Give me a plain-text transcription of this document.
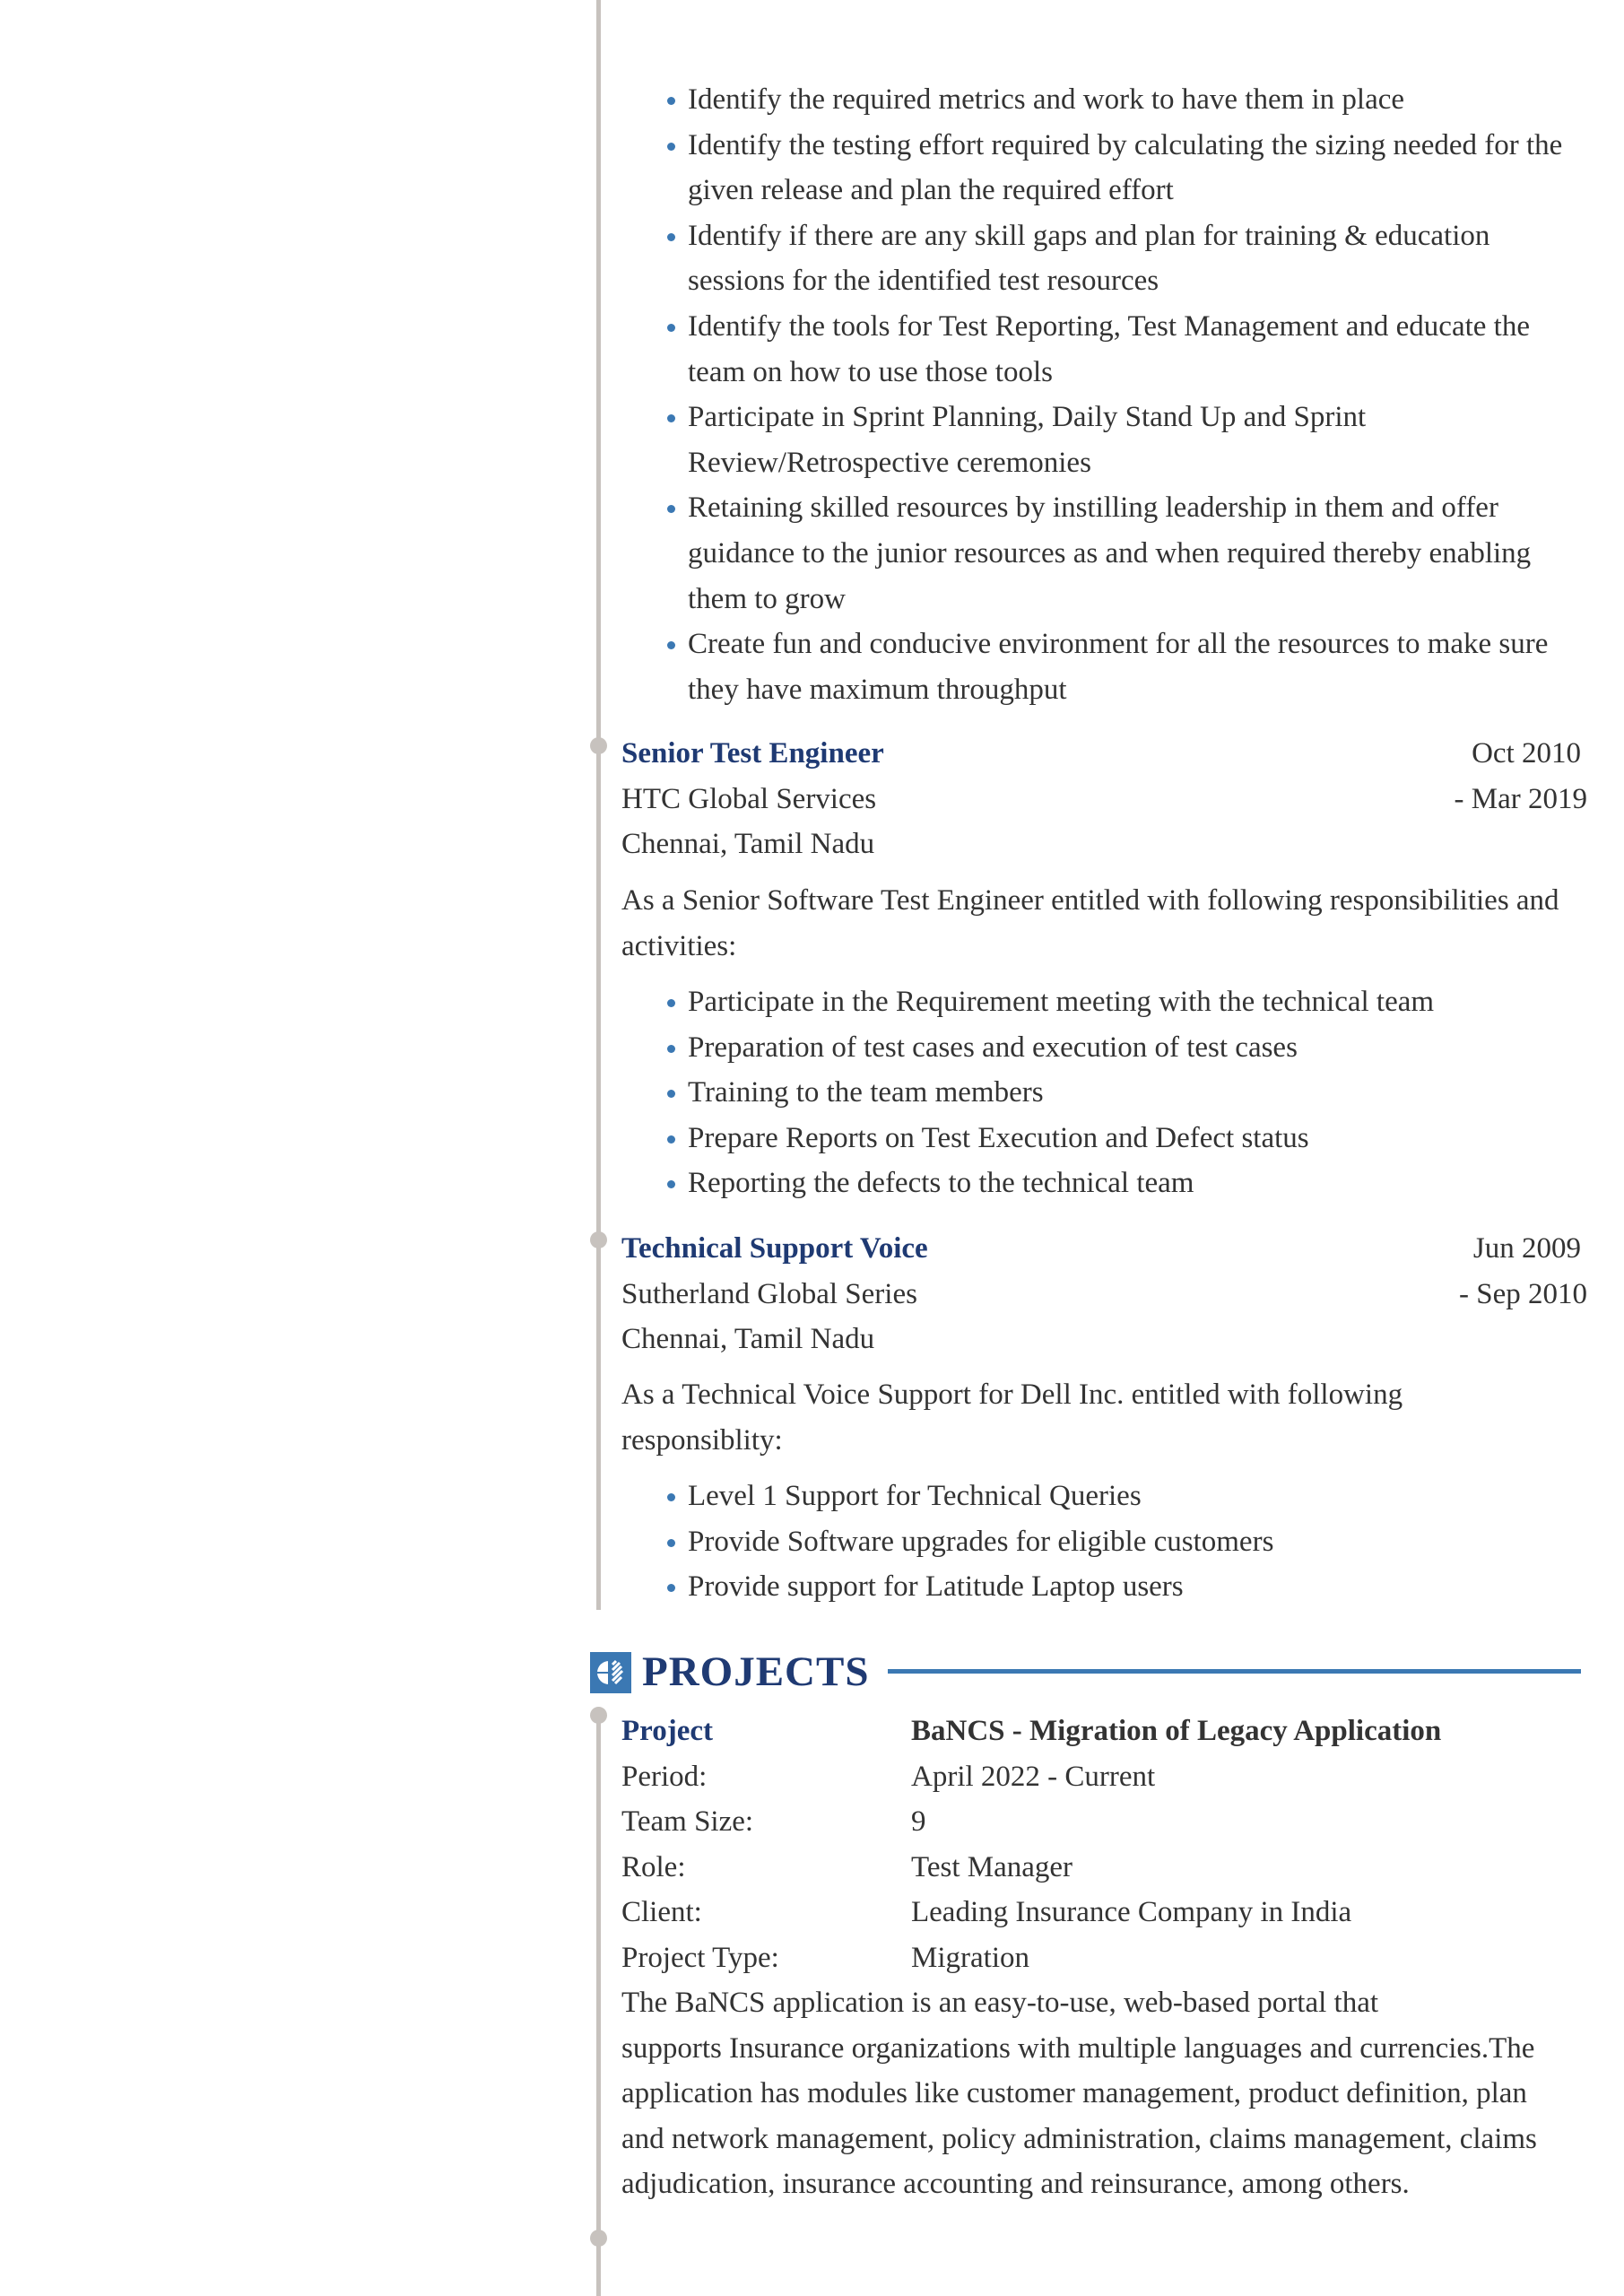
Identify the required metrics and work to have them in place
Identify the testing effort required by calculating the sizing needed for the
given release and plan the required effort
Identify if there are any skill gaps and plan for training & education
sessions for the identified test resources
Identify the tools for Test Reporting, Test Management and educate the
team on how to use those tools
Participate in Sprint Planning, Daily Stand Up and Sprint
Review/Retrospective ceremonies
Retaining skilled resources by instilling leadership in them and offer
guidance to the junior resources as and when required thereby enabling
them to grow
Create fun and conducive environment for all the resources to make sure
they have maximum throughput
Senior Test Engineer	Oct 2010
HTC Global Services	- Mar 2019
Chennai, Tamil Nadu
As a Senior Software Test Engineer entitled with following responsibilities and
activities:
Participate in the Requirement meeting with the technical team
Preparation of test cases and execution of test cases
Training to the team members
Prepare Reports on Test Execution and Defect status
Reporting the defects to the technical team
Technical Support Voice	Jun 2009
Sutherland Global Series	- Sep 2010
Chennai, Tamil Nadu
As a Technical Voice Support for Dell Inc. entitled with following
responsiblity:
Level 1 Support for Technical Queries
Provide Software upgrades for eligible customers
Provide support for Latitude Laptop users
PROJECTS
Project	BaNCS - Migration of Legacy Application
Period:	April 2022 - Current
Team Size:	9
Role:	Test Manager
Client:	Leading Insurance Company in India
Project Type:	Migration
The BaNCS application is an easy-to-use, web-based portal that
supports Insurance organizations with multiple languages and currencies.The
application has modules like customer management, product definition, plan
and network management, policy administration, claims management, claims
adjudication, insurance accounting and reinsurance, among others.
